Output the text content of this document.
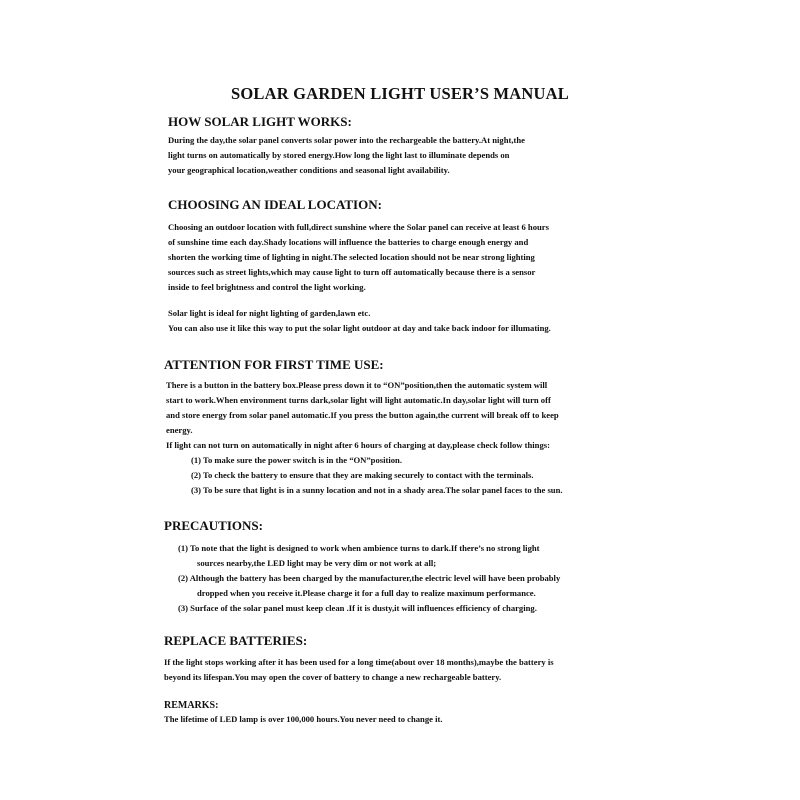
SOLAR GARDEN LIGHT USER’S MANUAL
HOW SOLAR LIGHT WORKS:
During the day,the solar panel converts solar power into the rechargeable the battery.At night,the
light turns on automatically by stored energy.How long the light last to illuminate depends on
your geographical location,weather conditions and seasonal light availability.
CHOOSING AN IDEAL LOCATION:
Choosing an outdoor location with full,direct sunshine where the Solar panel can receive at least 6 hours
of sunshine time each day.Shady locations will influence the batteries to charge enough energy and
shorten the working time of lighting in night.The selected location should not be near strong lighting
sources such as street lights,which may cause light to turn off automatically because there is a sensor
inside to feel brightness and control the light working.
Solar light is ideal for night lighting of garden,lawn etc.
You can also use it like this way to put the solar light outdoor at day and take back indoor for illumating.
ATTENTION FOR FIRST TIME USE:
There is a button in the battery box.Please press down it to “ON”position,then the automatic system will
start to work.When environment turns dark,solar light will light automatic.In day,solar light will turn off
and store energy from solar panel automatic.If you press the button again,the current will break off to keep
energy.
If light can not turn on automatically in night after 6 hours of charging at day,please check follow things:
(1) To make sure the power switch is in the “ON”position.
(2) To check the battery to ensure that they are making securely to contact with the terminals.
(3) To be sure that light is in a sunny location and not in a shady area.The solar panel faces to the sun.
PRECAUTIONS:
(1) To note that the light is designed to work when ambience turns to dark.If there’s no strong light
sources nearby,the LED light may be very dim or not work at all;
(2) Although the battery has been charged by the manufacturer,the electric level will have been probably
dropped when you receive it.Please charge it for a full day to realize maximum performance.
(3) Surface of the solar panel must keep clean .If it is dusty,it will influences efficiency of charging.
REPLACE BATTERIES:
If the light stops working after it has been used for a long time(about over 18 months),maybe the battery is
beyond its lifespan.You may open the cover of battery to change a new rechargeable battery.
REMARKS:
The lifetime of LED lamp is over 100,000 hours.You never need to change it.
